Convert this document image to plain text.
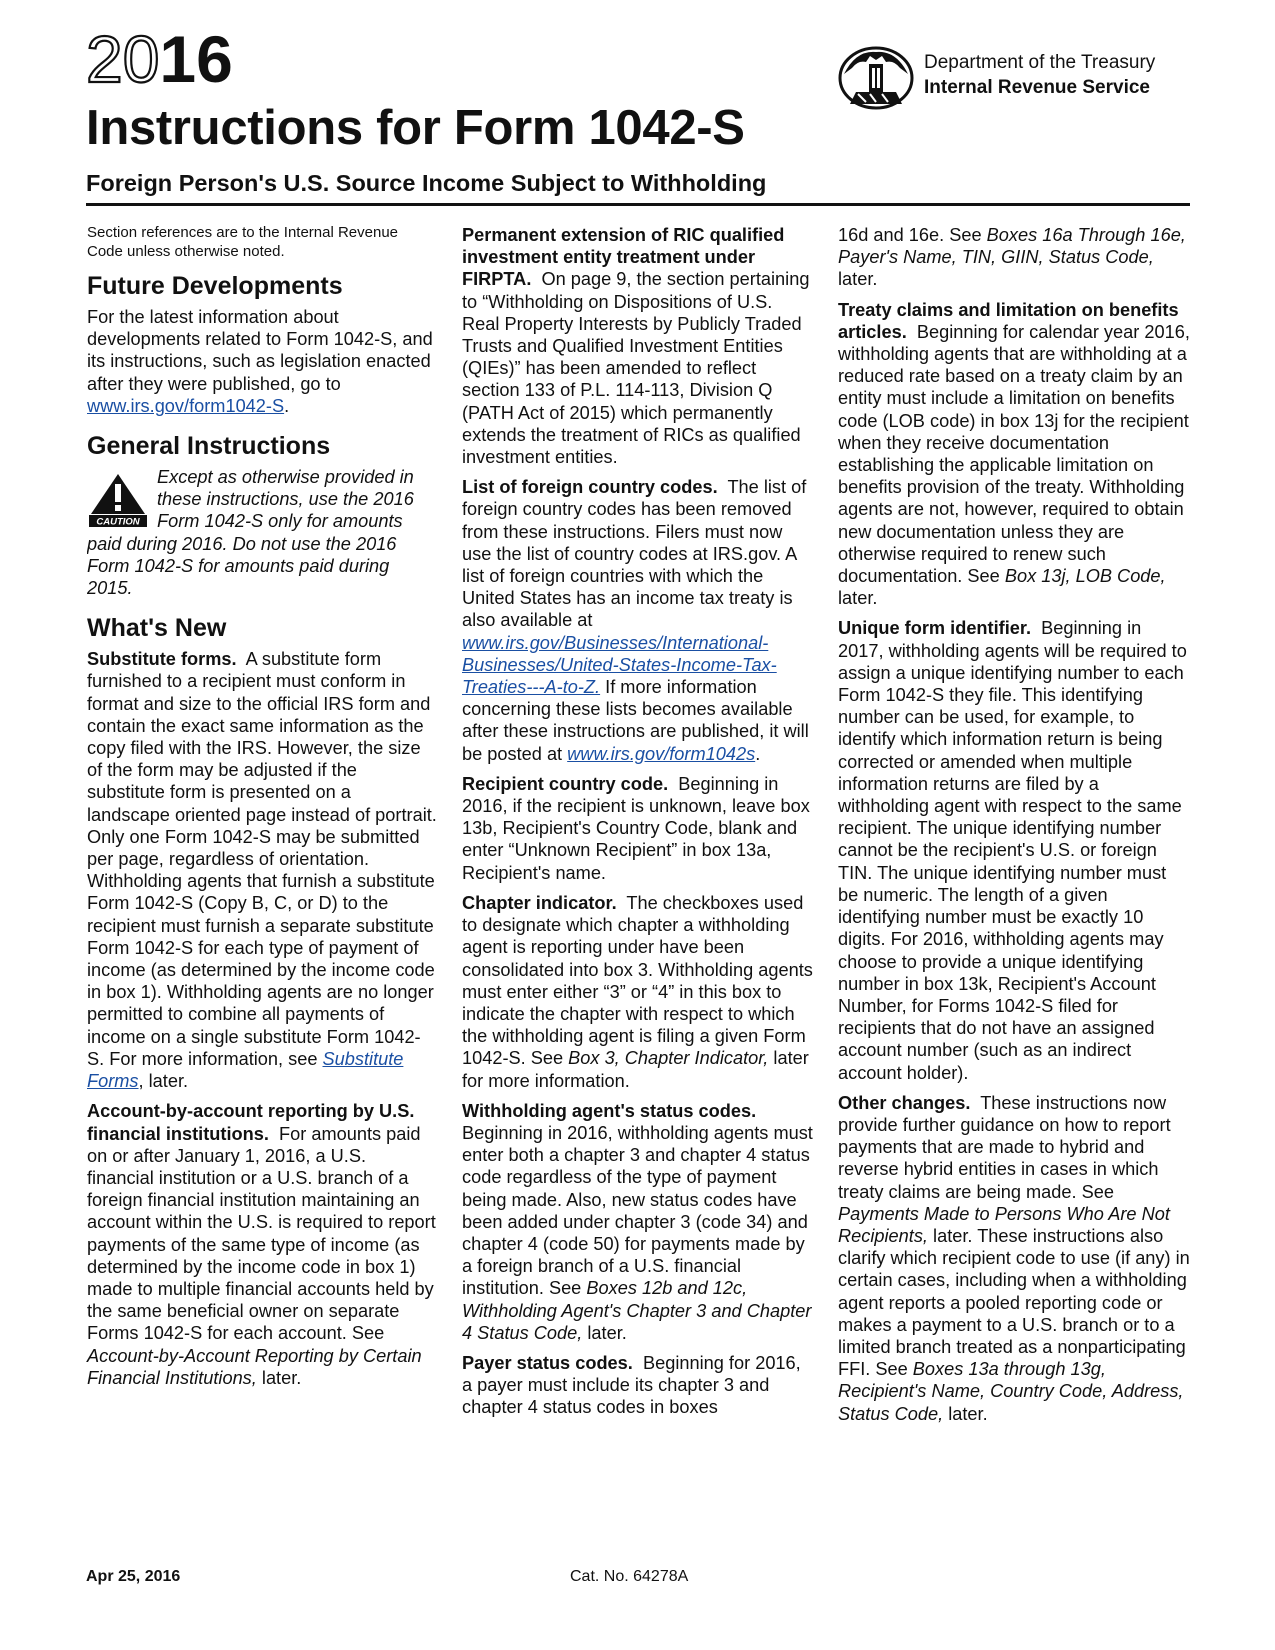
2016
Instructions for Form 1042-S
Foreign Person's U.S. Source Income Subject to Withholding
Department of the Treasury
Internal Revenue Service

Section references are to the Internal Revenue Code unless otherwise noted.

Future Developments

For the latest information about developments related to Form 1042-S, and its instructions, such as legislation enacted after they were published, go to www.irs.gov/form1042-S.

General Instructions
CAUTION
Except as otherwise provided in these instructions, use the 2016 Form 1042-S only for amounts paid during 2016. Do not use the 2016 Form 1042-S for amounts paid during 2015.
What's New

Substitute forms. A substitute form furnished to a recipient must conform in format and size to the official IRS form and contain the exact same information as the copy filed with the IRS. However, the size of the form may be adjusted if the substitute form is presented on a landscape oriented page instead of portrait. Only one Form 1042-S may be submitted per page, regardless of orientation. Withholding agents that furnish a substitute Form 1042-S (Copy B, C, or D) to the recipient must furnish a separate substitute Form 1042-S for each type of payment of income (as determined by the income code in box 1). Withholding agents are no longer permitted to combine all payments of income on a single substitute Form 1042-S. For more information, see Substitute Forms, later.

Account-by-account reporting by U.S. financial institutions. For amounts paid on or after January 1, 2016, a U.S. financial institution or a U.S. branch of a foreign financial institution maintaining an account within the U.S. is required to report payments of the same type of income (as determined by the income code in box 1) made to multiple financial accounts held by the same beneficial owner on separate Forms 1042-S for each account. See Account-by-Account Reporting by Certain Financial Institutions, later.

Permanent extension of RIC qualified investment entity treatment under FIRPTA. On page 9, the section pertaining to “Withholding on Dispositions of U.S. Real Property Interests by Publicly Traded Trusts and Qualified Investment Entities (QIEs)” has been amended to reflect section 133 of P.L. 114-113, Division Q (PATH Act of 2015) which permanently extends the treatment of RICs as qualified investment entities.

List of foreign country codes. The list of foreign country codes has been removed from these instructions. Filers must now use the list of country codes at IRS.gov. A list of foreign countries with which the United States has an income tax treaty is also available at www.irs.gov/Businesses/International-Businesses/United-States-Income-Tax-Treaties---A-to-Z. If more information concerning these lists becomes available after these instructions are published, it will be posted at www.irs.gov/form1042s.

Recipient country code. Beginning in 2016, if the recipient is unknown, leave box 13b, Recipient's Country Code, blank and enter “Unknown Recipient” in box 13a, Recipient's name.

Chapter indicator. The checkboxes used to designate which chapter a withholding agent is reporting under have been consolidated into box 3. Withholding agents must enter either “3” or “4” in this box to indicate the chapter with respect to which the withholding agent is filing a given Form 1042-S. See Box 3, Chapter Indicator, later for more information.

Withholding agent's status codes. Beginning in 2016, withholding agents must enter both a chapter 3 and chapter 4 status code regardless of the type of payment being made. Also, new status codes have been added under chapter 3 (code 34) and chapter 4 (code 50) for payments made by a foreign branch of a U.S. financial institution. See Boxes 12b and 12c, Withholding Agent's Chapter 3 and Chapter 4 Status Code, later.

Payer status codes. Beginning for 2016, a payer must include its chapter 3 and chapter 4 status codes in boxes

16d and 16e. See Boxes 16a Through 16e, Payer's Name, TIN, GIIN, Status Code, later.

Treaty claims and limitation on benefits articles. Beginning for calendar year 2016, withholding agents that are withholding at a reduced rate based on a treaty claim by an entity must include a limitation on benefits code (LOB code) in box 13j for the recipient when they receive documentation establishing the applicable limitation on benefits provision of the treaty. Withholding agents are not, however, required to obtain new documentation unless they are otherwise required to renew such documentation. See Box 13j, LOB Code, later.

Unique form identifier. Beginning in 2017, withholding agents will be required to assign a unique identifying number to each Form 1042-S they file. This identifying number can be used, for example, to identify which information return is being corrected or amended when multiple information returns are filed by a withholding agent with respect to the same recipient. The unique identifying number cannot be the recipient's U.S. or foreign TIN. The unique identifying number must be numeric. The length of a given identifying number must be exactly 10 digits. For 2016, withholding agents may choose to provide a unique identifying number in box 13k, Recipient's Account Number, for Forms 1042-S filed for recipients that do not have an assigned account number (such as an indirect account holder).

Other changes. These instructions now provide further guidance on how to report payments that are made to hybrid and reverse hybrid entities in cases in which treaty claims are being made. See Payments Made to Persons Who Are Not Recipients, later. These instructions also clarify which recipient code to use (if any) in certain cases, including when a withholding agent reports a pooled reporting code or makes a payment to a U.S. branch or to a limited branch treated as a nonparticipating FFI. See Boxes 13a through 13g, Recipient's Name, Country Code, Address, Status Code, later.

Apr 25, 2016	Cat. No. 64278A
